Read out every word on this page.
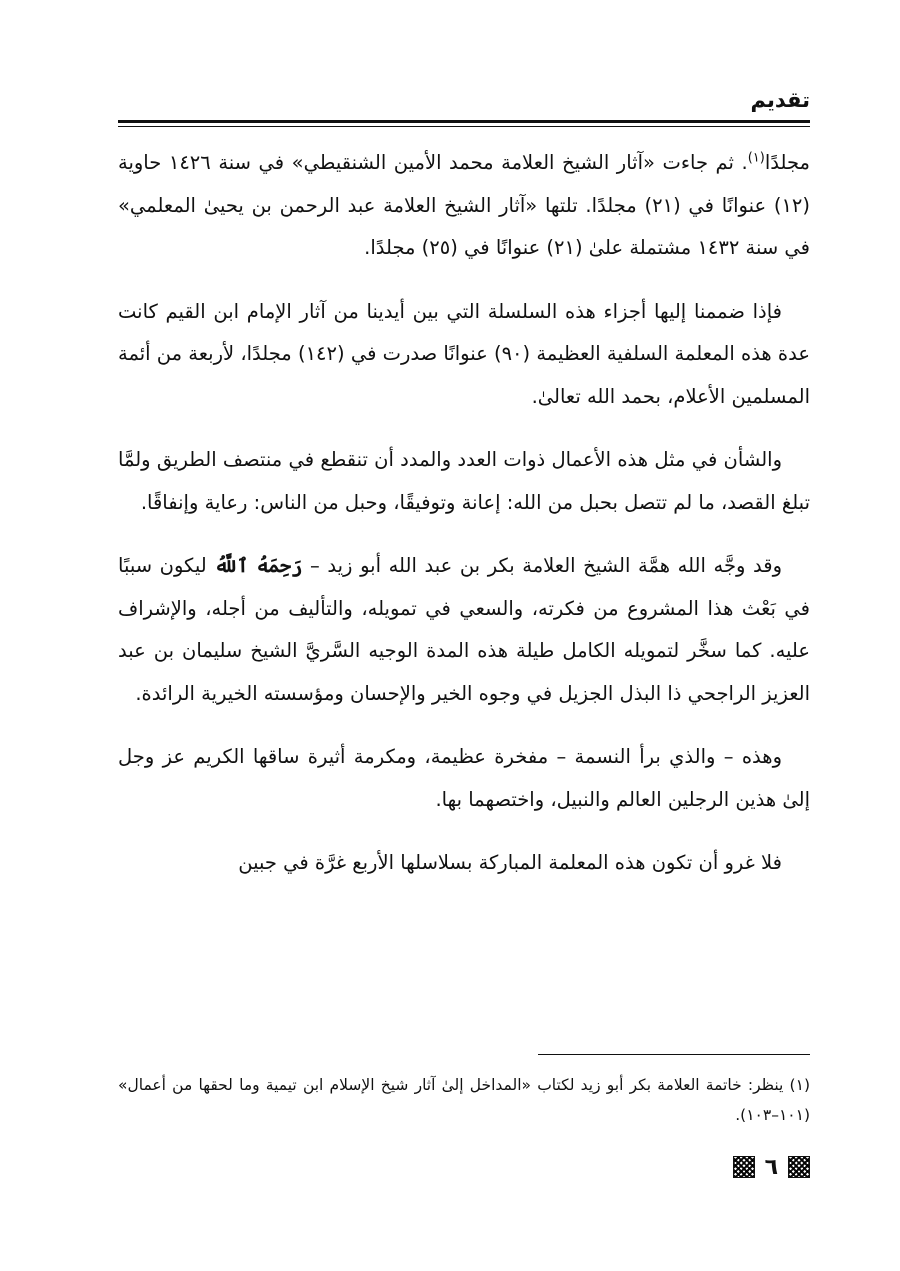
تقديم

مجلدًا$^{(١)}$. ثم جاءت «آثار الشيخ العلامة محمد الأمين الشنقيطي» في سنة ١٤٢٦ حاوية (١٢) عنوانًا في (٢١) مجلدًا. تلتها «آثار الشيخ العلامة عبد الرحمن بن يحيىٰ المعلمي» في سنة ١٤٣٢ مشتملة علىٰ (٢١) عنوانًا في (٢٥) مجلدًا.

فإذا ضممنا إليها أجزاء هذه السلسلة التي بين أيدينا من آثار الإمام ابن القيم كانت عدة هذه المعلمة السلفية العظيمة (٩٠) عنوانًا صدرت في (١٤٢) مجلدًا، لأربعة من أئمة المسلمين الأعلام، بحمد الله تعالىٰ.

والشأن في مثل هذه الأعمال ذوات العدد والمدد أن تنقطع في منتصف الطريق ولمَّا تبلغ القصد، ما لم تتصل بحبل من الله: إعانة وتوفيقًا، وحبل من الناس: رعاية وإنفاقًا.

وقد وجَّه الله همَّة الشيخ العلامة بكر بن عبد الله أبو زيد – رَحِمَهُ ٱللَّهُ ليكون سببًا في بَعْث هذا المشروع من فكرته، والسعي في تمويله، والتأليف من أجله، والإشراف عليه. كما سخَّر لتمويله الكامل طيلة هذه المدة الوجيه السَّريَّ الشيخ سليمان بن عبد العزيز الراجحي ذا البذل الجزيل في وجوه الخير والإحسان ومؤسسته الخيرية الرائدة.

وهذه – والذي برأ النسمة – مفخرة عظيمة، ومكرمة أثيرة ساقها الكريم عز وجل إلىٰ هذين الرجلين العالم والنبيل، واختصهما بها.

فلا غرو أن تكون هذه المعلمة المباركة بسلاسلها الأربع غرَّة في جبين

(١) ينظر: خاتمة العلامة بكر أبو زيد لكتاب «المداخل إلىٰ آثار شيخ الإسلام ابن تيمية وما لحقها من أعمال» (١٠١–١٠٣).

٦
